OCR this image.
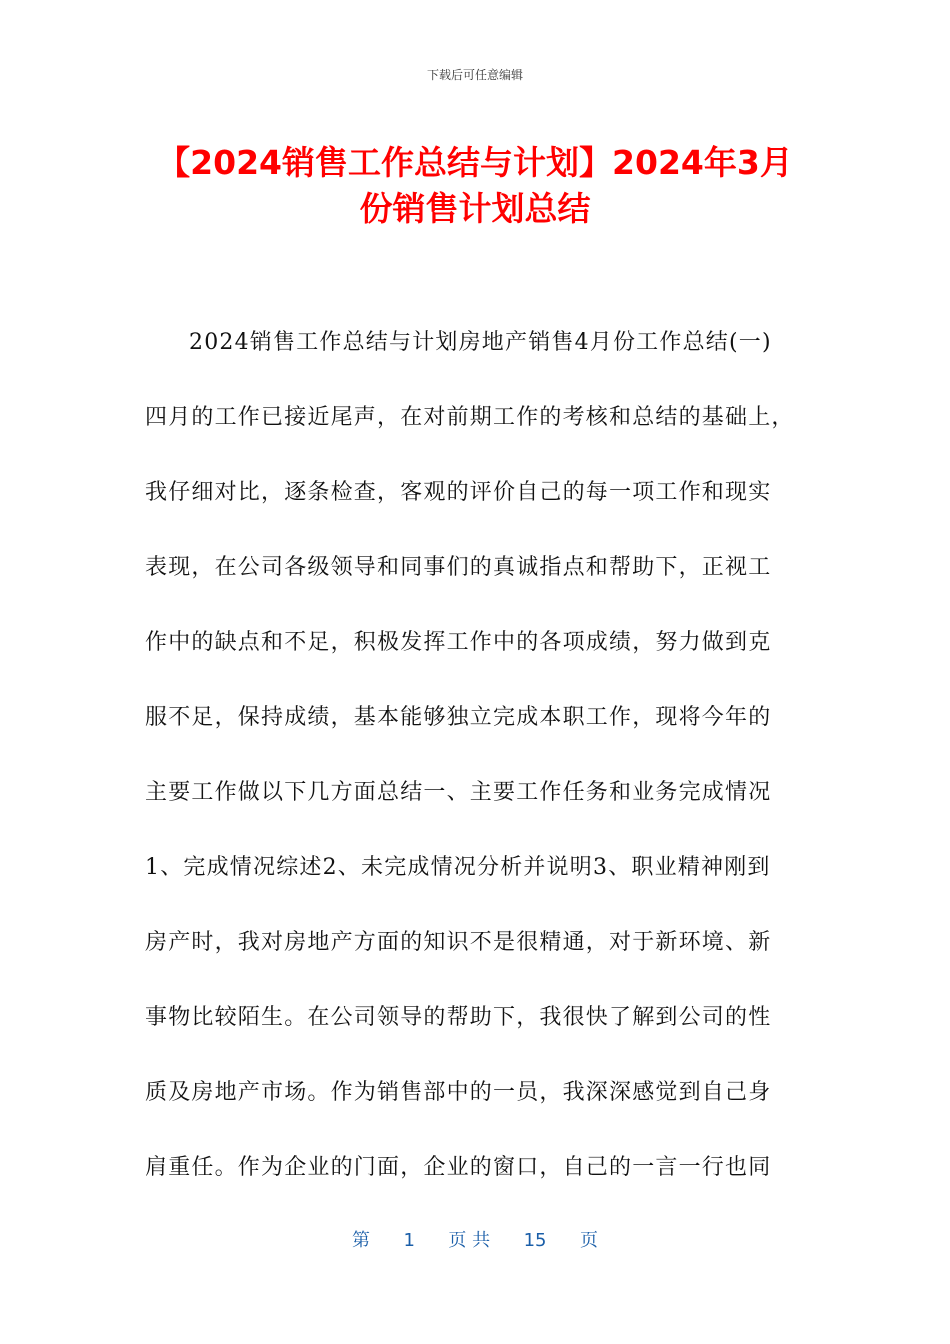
下载后可任意编辑
【2024销售工作总结与计划】2024年3月
份销售计划总结
2024销售工作总结与计划房地产销售4月份工作总结(一)
四月的工作已接近尾声，在对前期工作的考核和总结的基础上，
我仔细对比，逐条检查，客观的评价自己的每一项工作和现实
表现，在公司各级领导和同事们的真诚指点和帮助下，正视工
作中的缺点和不足，积极发挥工作中的各项成绩，努力做到克
服不足，保持成绩，基本能够独立完成本职工作，现将今年的
主要工作做以下几方面总结一、主要工作任务和业务完成情况
1、完成情况综述2、未完成情况分析并说明3、职业精神刚到
房产时，我对房地产方面的知识不是很精通，对于新环境、新
事物比较陌生。在公司领导的帮助下，我很快了解到公司的性
质及房地产市场。作为销售部中的一员，我深深感觉到自己身
肩重任。作为企业的门面，企业的窗口，自己的一言一行也同
第 1 页 共 15 页
